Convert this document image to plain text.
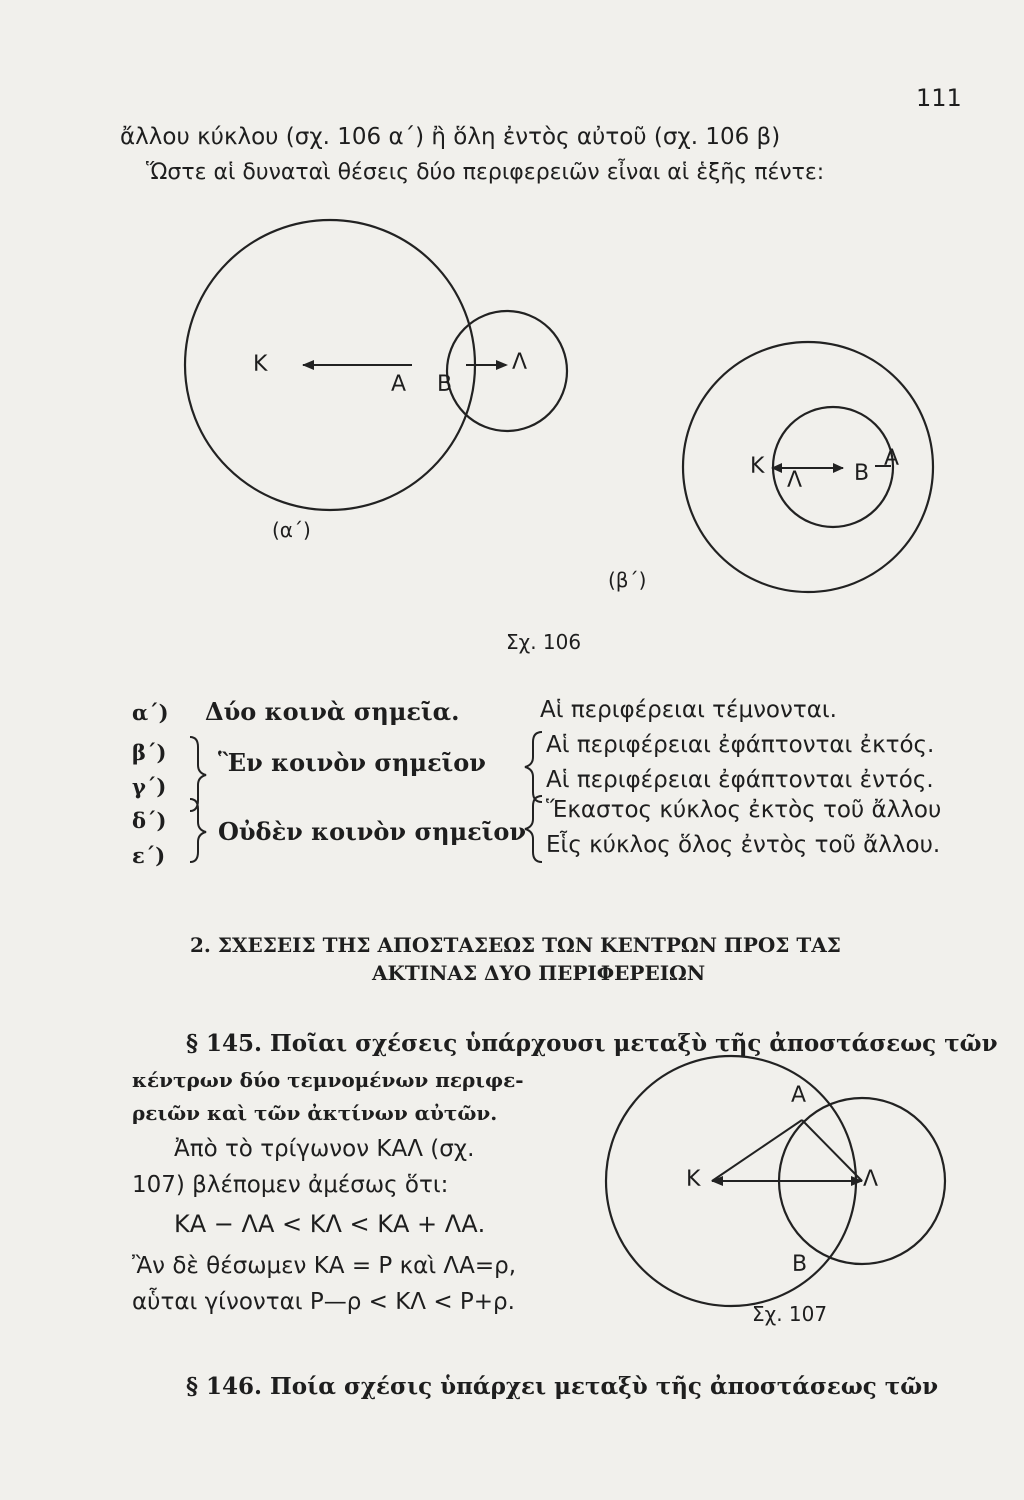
111
ἄλλου κύκλου (σχ. 106 α΄) ἢ ὅλη ἐντὸς αὐτοῦ (σχ. 106 β)
Ὥστε αἱ δυναταὶ θέσεις δύο περιφερειῶν εἶναι αἱ ἑξῆς πέντε:
Κ
Α Β
Λ
Κ
Λ Β
Α
(α΄)
(β΄)
Σχ. 106
α΄) Δύο κοινὰ σημεῖα.	Αἱ περιφέρειαι τέμνονται.
β΄)
γ΄)
Ἓν κοινὸν σημεῖον
Αἱ περιφέρειαι ἐφάπτονται ἐκτός.
Αἱ περιφέρειαι ἐφάπτονται ἐντός.
δ΄)
ε΄)
Οὐδὲν κοινὸν σημεῖον
Ἕκαστος κύκλος ἐκτὸς τοῦ ἄλλου
Εἷς κύκλος ὅλος ἐντὸς τοῦ ἄλλου.
2. ΣΧΕΣΕΙΣ ΤΗΣ ΑΠΟΣΤΑΣΕΩΣ ΤΩΝ ΚΕΝΤΡΩΝ ΠΡΟΣ ΤΑΣ
ΑΚΤΙΝΑΣ ΔΥΟ ΠΕΡΙΦΕΡΕΙΩΝ
§ 145. Ποῖαι σχέσεις ὑπάρχουσι μεταξὺ τῆς ἀποστάσεως τῶν
κέντρων δύο τεμνομένων περιφε-
ρειῶν καὶ τῶν ἀκτίνων αὐτῶν.
Ἀπὸ τὸ τρίγωνον ΚΑΛ (σχ.
107) βλέπομεν ἀμέσως ὅτι:
ΚΑ − ΛΑ < ΚΛ < ΚΑ + ΛΑ.
Ἂν δὲ θέσωμεν ΚΑ = Ρ καὶ ΛΑ=ρ,
αὗται γίνονται Ρ—ρ < ΚΛ < Ρ+ρ.
Α
Κ	Λ
Β
Σχ. 107
§ 146. Ποία σχέσις ὑπάρχει μεταξὺ τῆς ἀποστάσεως τῶν
